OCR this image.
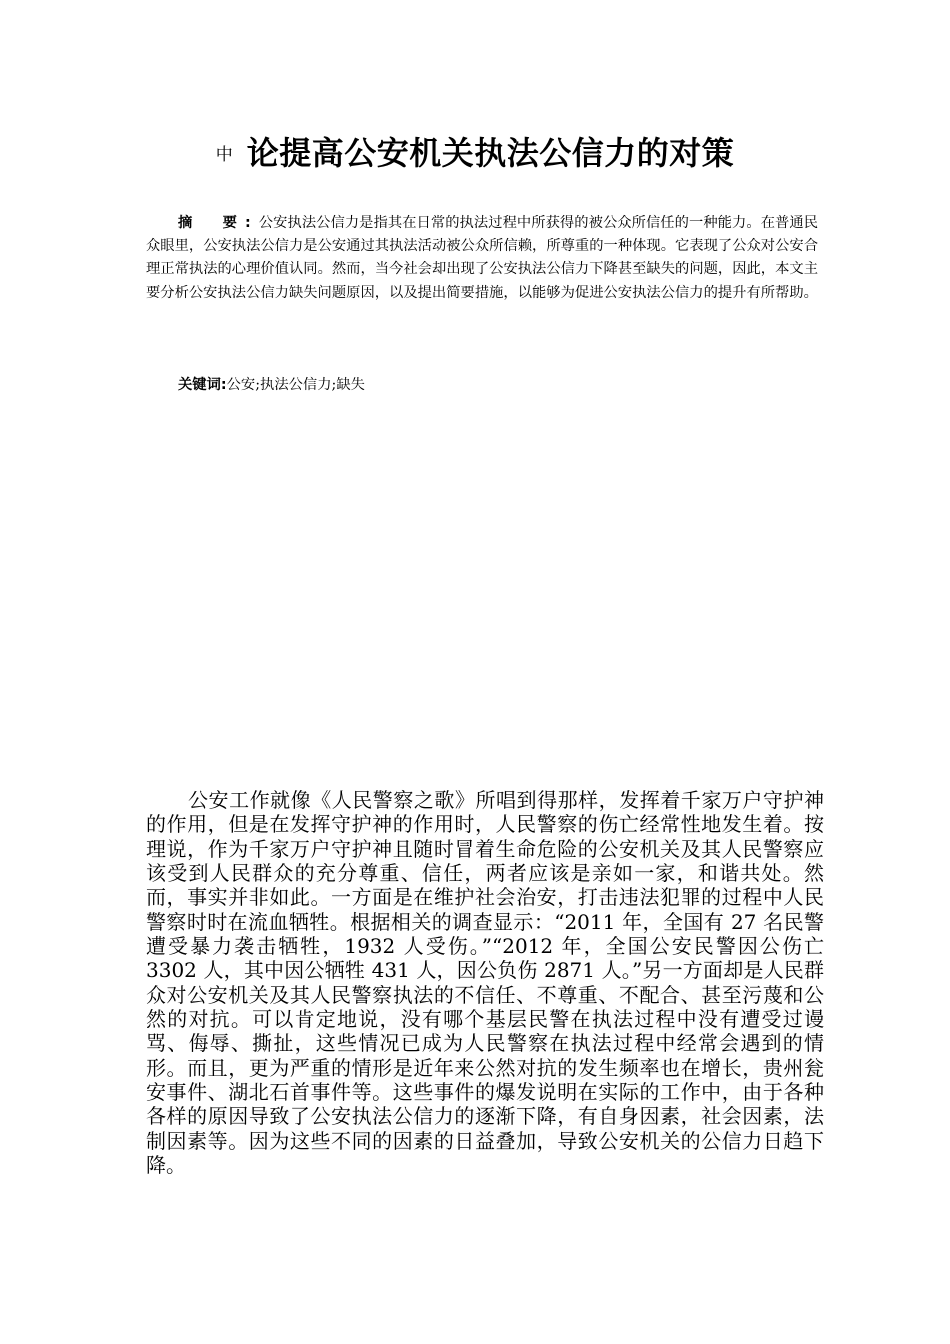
中 论提高公安机关执法公信力的对策
摘　要:公安执法公信力是指其在日常的执法过程中所获得的被公众所信任的一种能力。在普通民众眼里，公安执法公信力是公安通过其执法活动被公众所信赖，所尊重的一种体现。它表现了公众对公安合理正常执法的心理价值认同。然而，当今社会却出现了公安执法公信力下降甚至缺失的问题，因此，本文主要分析公安执法公信力缺失问题原因，以及提出简要措施，以能够为促进公安执法公信力的提升有所帮助。
关键词:公安;执法公信力;缺失
公安工作就像《人民警察之歌》所唱到得那样，发挥着千家万户守护神的作用，但是在发挥守护神的作用时，人民警察的伤亡经常性地发生着。按理说，作为千家万户守护神且随时冒着生命危险的公安机关及其人民警察应该受到人民群众的充分尊重、信任，两者应该是亲如一家，和谐共处。然而，事实并非如此。一方面是在维护社会治安，打击违法犯罪的过程中人民警察时时在流血牺牲。根据相关的调查显示：“2011 年，全国有 27 名民警遭受暴力袭击牺牲，1932 人受伤。”“2012 年，全国公安民警因公伤亡 3302 人，其中因公牺牲 431 人，因公负伤 2871 人。”另一方面却是人民群众对公安机关及其人民警察执法的不信任、不尊重、不配合、甚至污蔑和公然的对抗。可以肯定地说，没有哪个基层民警在执法过程中没有遭受过谩骂、侮辱、撕扯，这些情况已成为人民警察在执法过程中经常会遇到的情形。而且，更为严重的情形是近年来公然对抗的发生频率也在增长，贵州瓮安事件、湖北石首事件等。这些事件的爆发说明在实际的工作中，由于各种各样的原因导致了公安执法公信力的逐渐下降，有自身因素，社会因素，法制因素等。因为这些不同的因素的日益叠加，导致公安机关的公信力日趋下降。
